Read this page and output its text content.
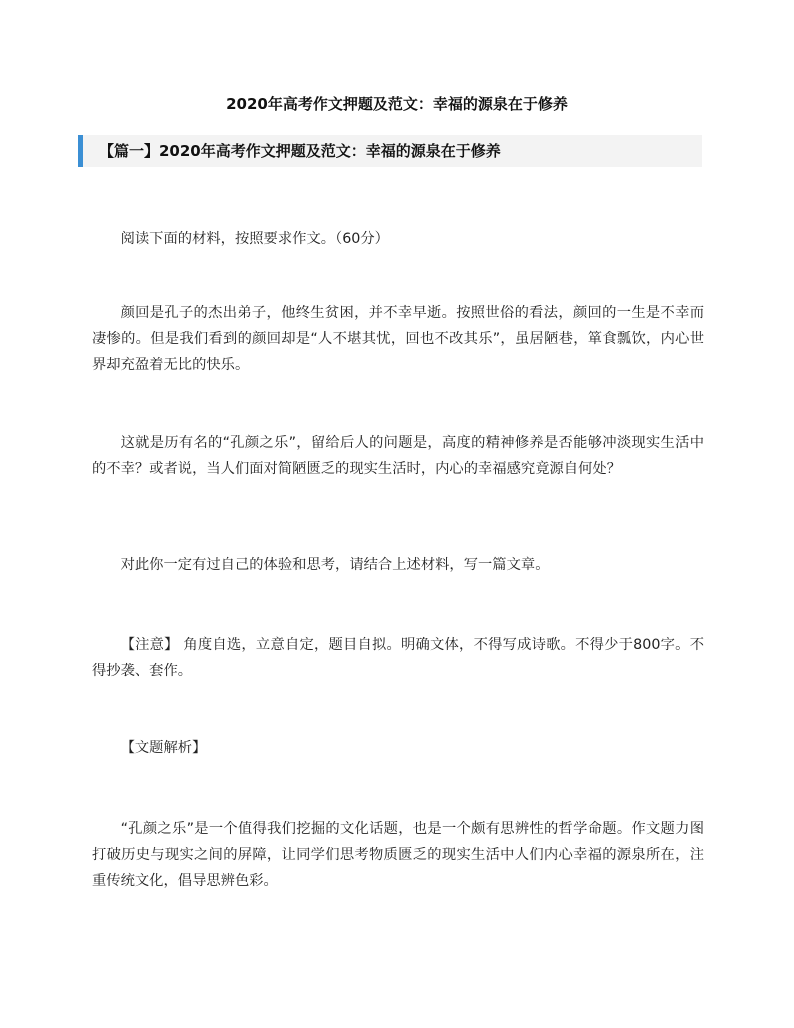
2020年高考作文押题及范文：幸福的源泉在于修养
【篇一】2020年高考作文押题及范文：幸福的源泉在于修养

阅读下面的材料，按照要求作文。（60分）

颜回是孔子的杰出弟子，他终生贫困，并不幸早逝。按照世俗的看法，颜回的一生是不幸而凄惨的。但是我们看到的颜回却是“人不堪其忧，回也不改其乐”，虽居陋巷，箪食瓢饮，内心世界却充盈着无比的快乐。

这就是历有名的“孔颜之乐”，留给后人的问题是，高度的精神修养是否能够冲淡现实生活中的不幸？或者说，当人们面对简陋匮乏的现实生活时，内心的幸福感究竟源自何处？

对此你一定有过自己的体验和思考，请结合上述材料，写一篇文章。

【注意】 角度自选，立意自定，题目自拟。明确文体，不得写成诗歌。不得少于800字。不得抄袭、套作。

【文题解析】

“孔颜之乐”是一个值得我们挖掘的文化话题，也是一个颇有思辨性的哲学命题。作文题力图打破历史与现实之间的屏障，让同学们思考物质匮乏的现实生活中人们内心幸福的源泉所在，注重传统文化，倡导思辨色彩。
